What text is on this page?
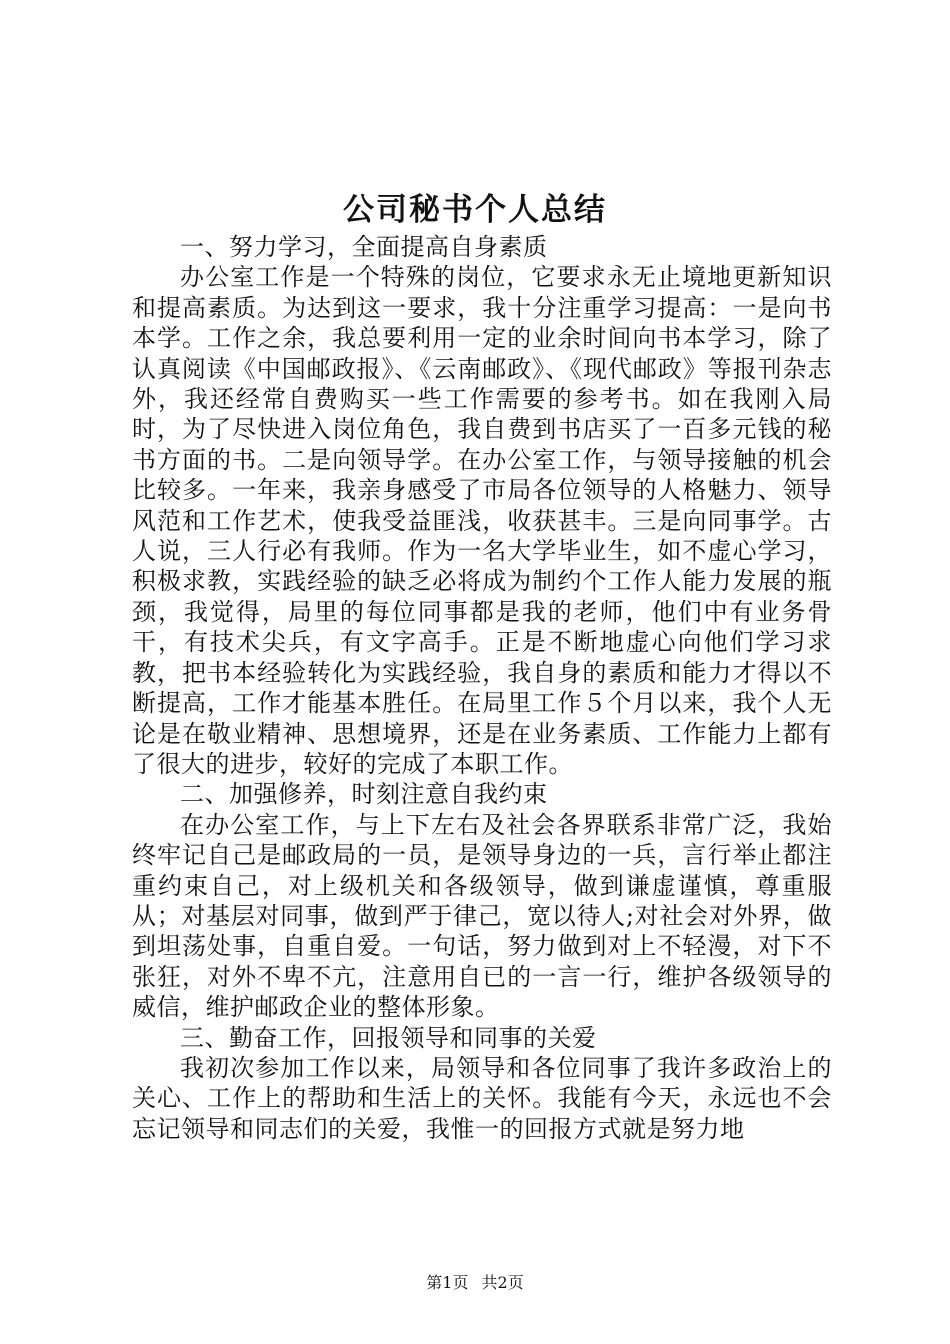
公司秘书个人总结

一、努力学习，全面提高自身素质

办公室工作是一个特殊的岗位，它要求永无止境地更新知识和提高素质。为达到这一要求，我十分注重学习提高：一是向书本学。工作之余，我总要利用一定的业余时间向书本学习，除了认真阅读《中国邮政报》、《云南邮政》、《现代邮政》等报刊杂志外，我还经常自费购买一些工作需要的参考书。如在我刚入局时，为了尽快进入岗位角色，我自费到书店买了一百多元钱的秘书方面的书。二是向领导学。在办公室工作，与领导接触的机会比较多。一年来，我亲身感受了市局各位领导的人格魅力、领导风范和工作艺术，使我受益匪浅，收获甚丰。三是向同事学。古人说，三人行必有我师。作为一名大学毕业生，如不虚心学习，积极求教，实践经验的缺乏必将成为制约个工作人能力发展的瓶颈，我觉得，局里的每位同事都是我的老师，他们中有业务骨干，有技术尖兵，有文字高手。正是不断地虚心向他们学习求教，把书本经验转化为实践经验，我自身的素质和能力才得以不断提高，工作才能基本胜任。在局里工作５个月以来，我个人无论是在敬业精神、思想境界，还是在业务素质、工作能力上都有了很大的进步，较好的完成了本职工作。

二、加强修养，时刻注意自我约束

在办公室工作，与上下左右及社会各界联系非常广泛，我始终牢记自己是邮政局的一员，是领导身边的一兵，言行举止都注重约束自己，对上级机关和各级领导，做到谦虚谨慎，尊重服从；对基层对同事，做到严于律己，宽以待人;对社会对外界，做到坦荡处事，自重自爱。一句话，努力做到对上不轻漫，对下不张狂，对外不卑不亢，注意用自已的一言一行，维护各级领导的威信，维护邮政企业的整体形象。

三、勤奋工作，回报领导和同事的关爱

我初次参加工作以来，局领导和各位同事了我许多政治上的关心、工作上的帮助和生活上的关怀。我能有今天，永远也不会忘记领导和同志们的关爱，我惟一的回报方式就是努力地

第1页 共2页
